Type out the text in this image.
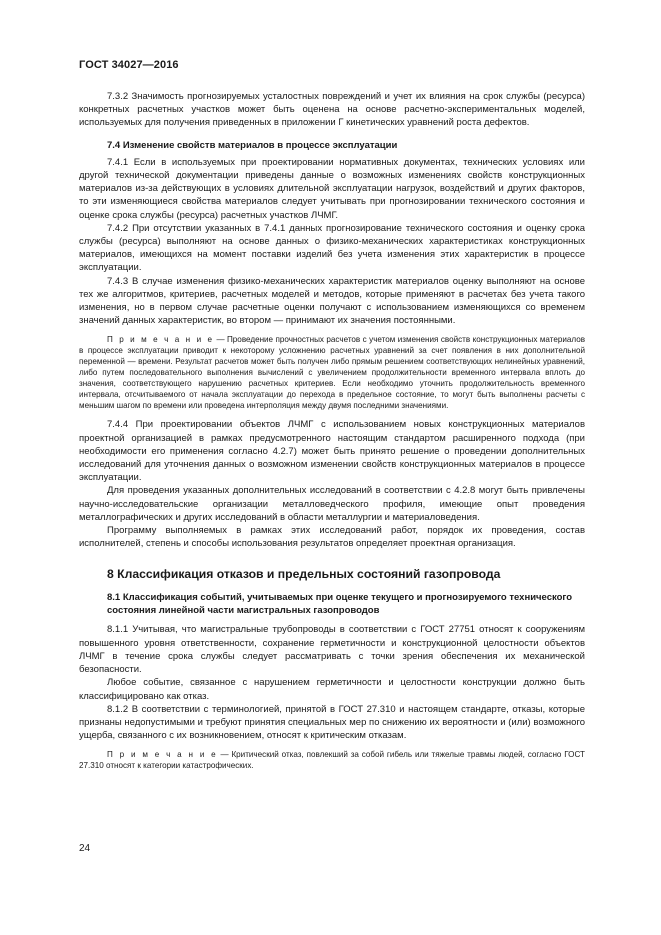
ГОСТ 34027—2016

7.3.2 Значимость прогнозируемых усталостных повреждений и учет их влияния на срок службы (ресурса) конкретных расчетных участков может быть оценена на основе расчетно-экспериментальных моделей, используемых для получения приведенных в приложении Г кинетических уравнений роста дефектов.

7.4 Изменение свойств материалов в процессе эксплуатации

7.4.1 Если в используемых при проектировании нормативных документах, технических условиях или другой технической документации приведены данные о возможных изменениях свойств конструкционных материалов из-за действующих в условиях длительной эксплуатации нагрузок, воздействий и других факторов, то эти изменяющиеся свойства материалов следует учитывать при прогнозировании технического состояния и оценке срока службы (ресурса) расчетных участков ЛЧМГ.

7.4.2 При отсутствии указанных в 7.4.1 данных прогнозирование технического состояния и оценку срока службы (ресурса) выполняют на основе данных о физико-механических характеристиках конструкционных материалов, имеющихся на момент поставки изделий без учета изменения этих характеристик в процессе эксплуатации.

7.4.3 В случае изменения физико-механических характеристик материалов оценку выполняют на основе тех же алгоритмов, критериев, расчетных моделей и методов, которые применяют в расчетах без учета такого изменения, но в первом случае расчетные оценки получают с использованием изменяющихся со временем значений данных характеристик, во втором — принимают их значения постоянными.

П р и м е ч а н и е — Проведение прочностных расчетов с учетом изменения свойств конструкционных материалов в процессе эксплуатации приводит к некоторому усложнению расчетных уравнений за счет появления в них дополнительной переменной — времени. Результат расчетов может быть получен либо прямым решением соответствующих нелинейных уравнений, либо путем последовательного выполнения вычислений с увеличением продолжительности временного интервала вплоть до значения, соответствующего нарушению расчетных критериев. Если необходимо уточнить продолжительность временного интервала, отсчитываемого от начала эксплуатации до перехода в предельное состояние, то могут быть выполнены расчеты с меньшим шагом по времени или проведена интерполяция между двумя последними значениями.

7.4.4 При проектировании объектов ЛЧМГ с использованием новых конструкционных материалов проектной организацией в рамках предусмотренного настоящим стандартом расширенного подхода (при необходимости его применения согласно 4.2.7) может быть принято решение о проведении дополнительных исследований для уточнения данных о возможном изменении свойств конструкционных материалов в процессе эксплуатации.

Для проведения указанных дополнительных исследований в соответствии с 4.2.8 могут быть привлечены научно-исследовательские организации металловедческого профиля, имеющие опыт проведения металлографических и других исследований в области металлургии и материаловедения.

Программу выполняемых в рамках этих исследований работ, порядок их проведения, состав исполнителей, степень и способы использования результатов определяет проектная организация.

8 Классификация отказов и предельных состояний газопровода
8.1 Классификация событий, учитываемых при оценке текущего и прогнозируемого технического состояния линейной части магистральных газопроводов

8.1.1 Учитывая, что магистральные трубопроводы в соответствии с ГОСТ 27751 относят к сооружениям повышенного уровня ответственности, сохранение герметичности и конструкционной целостности объектов ЛЧМГ в течение срока службы следует рассматривать с точки зрения обеспечения их механической безопасности.

Любое событие, связанное с нарушением герметичности и целостности конструкции должно быть классифицировано как отказ.

8.1.2 В соответствии с терминологией, принятой в ГОСТ 27.310 и настоящем стандарте, отказы, которые признаны недопустимыми и требуют принятия специальных мер по снижению их вероятности и (или) возможного ущерба, связанного с их возникновением, относят к критическим отказам.

П р и м е ч а н и е — Критический отказ, повлекший за собой гибель или тяжелые травмы людей, согласно ГОСТ 27.310 относят к категории катастрофических.

24
